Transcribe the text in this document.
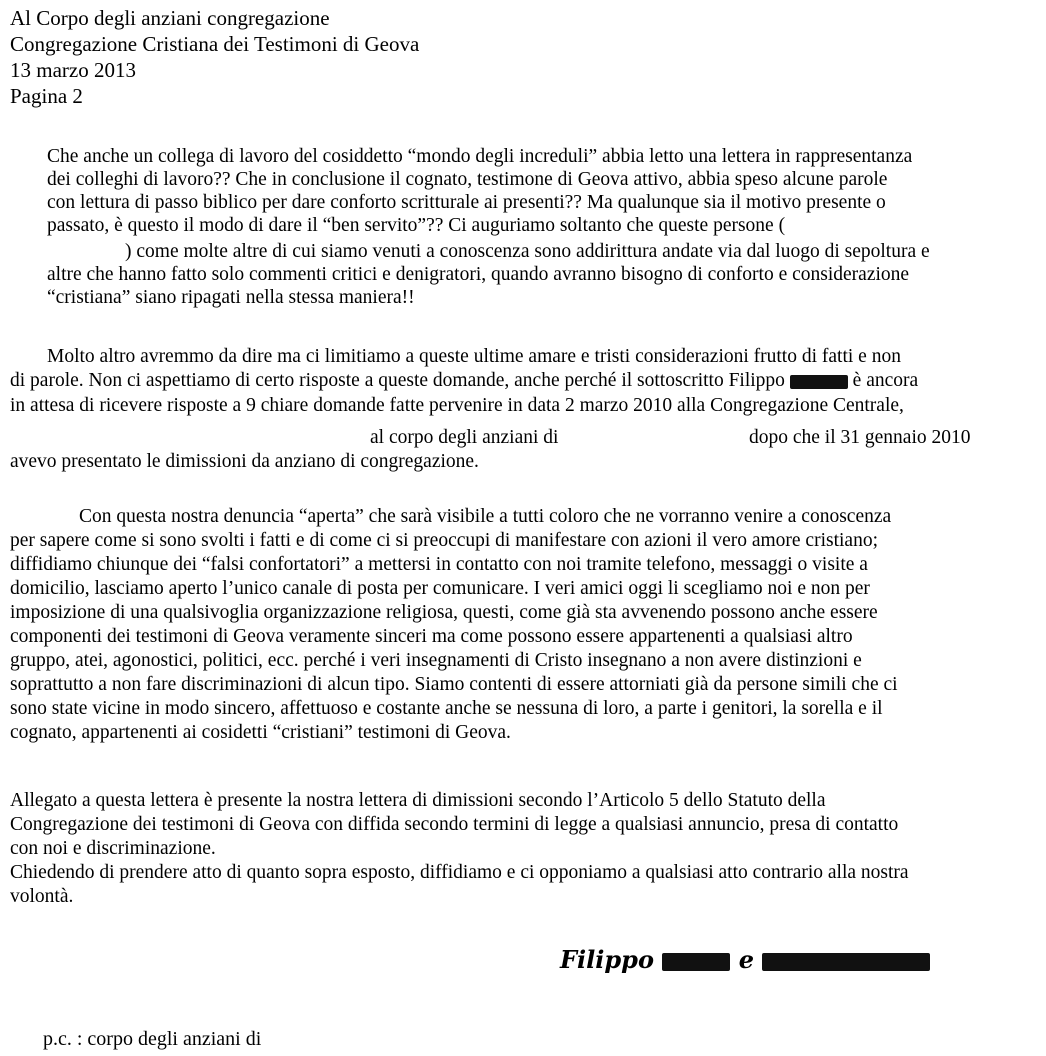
Al Corpo degli anziani congregazione
Congregazione Cristiana dei Testimoni di Geova
13 marzo 2013
Pagina 2
Che anche un collega di lavoro del cosiddetto “mondo degli increduli” abbia letto una lettera in rappresentanza
dei colleghi di lavoro?? Che in conclusione il cognato, testimone di Geova attivo, abbia speso alcune parole
con lettura di passo biblico per dare conforto scritturale ai presenti?? Ma qualunque sia il motivo presente o
passato, è questo il modo di dare il “ben servito”?? Ci auguriamo soltanto che queste persone (
) come molte altre di cui siamo venuti a conoscenza sono addirittura andate via dal luogo di sepoltura e
altre che hanno fatto solo commenti critici e denigratori, quando avranno bisogno di conforto e considerazione
“cristiana” siano ripagati nella stessa maniera!!
Molto altro avremmo da dire ma ci limitiamo a queste ultime amare e tristi considerazioni frutto di fatti e non
di parole. Non ci aspettiamo di certo risposte a queste domande, anche perché il sottoscritto Filippo	è ancora
in attesa di ricevere risposte a 9 chiare domande fatte pervenire in data 2 marzo 2010 alla Congregazione Centrale,
al corpo degli anziani di	dopo che il 31 gennaio 2010
avevo presentato le dimissioni da anziano di congregazione.
Con questa nostra denuncia “aperta” che sarà visibile a tutti coloro che ne vorranno venire a conoscenza
per sapere come si sono svolti i fatti e di come ci si preoccupi di manifestare con azioni il vero amore cristiano;
diffidiamo chiunque dei “falsi confortatori” a mettersi in contatto con noi tramite telefono, messaggi o visite a
domicilio, lasciamo aperto l’unico canale di posta per comunicare. I veri amici oggi li scegliamo noi e non per
imposizione di una qualsivoglia organizzazione religiosa, questi, come già sta avvenendo possono anche essere
componenti dei testimoni di Geova veramente sinceri ma come possono essere appartenenti a qualsiasi altro
gruppo, atei, agonostici, politici, ecc. perché i veri insegnamenti di Cristo insegnano a non avere distinzioni e
soprattutto a non fare discriminazioni di alcun tipo. Siamo contenti di essere attorniati già da persone simili che ci
sono state vicine in modo sincero, affettuoso e costante anche se nessuna di loro, a parte i genitori, la sorella e il
cognato, appartenenti ai cosidetti “cristiani” testimoni di Geova.
Allegato a questa lettera è presente la nostra lettera di dimissioni secondo l’Articolo 5 dello Statuto della
Congregazione dei testimoni di Geova con diffida secondo termini di legge a qualsiasi annuncio, presa di contatto
con noi e discriminazione.
Chiedendo di prendere atto di quanto sopra esposto, diffidiamo e ci opponiamo a qualsiasi atto contrario alla nostra
volontà.
Filippo	e
p.c. : corpo degli anziani di
